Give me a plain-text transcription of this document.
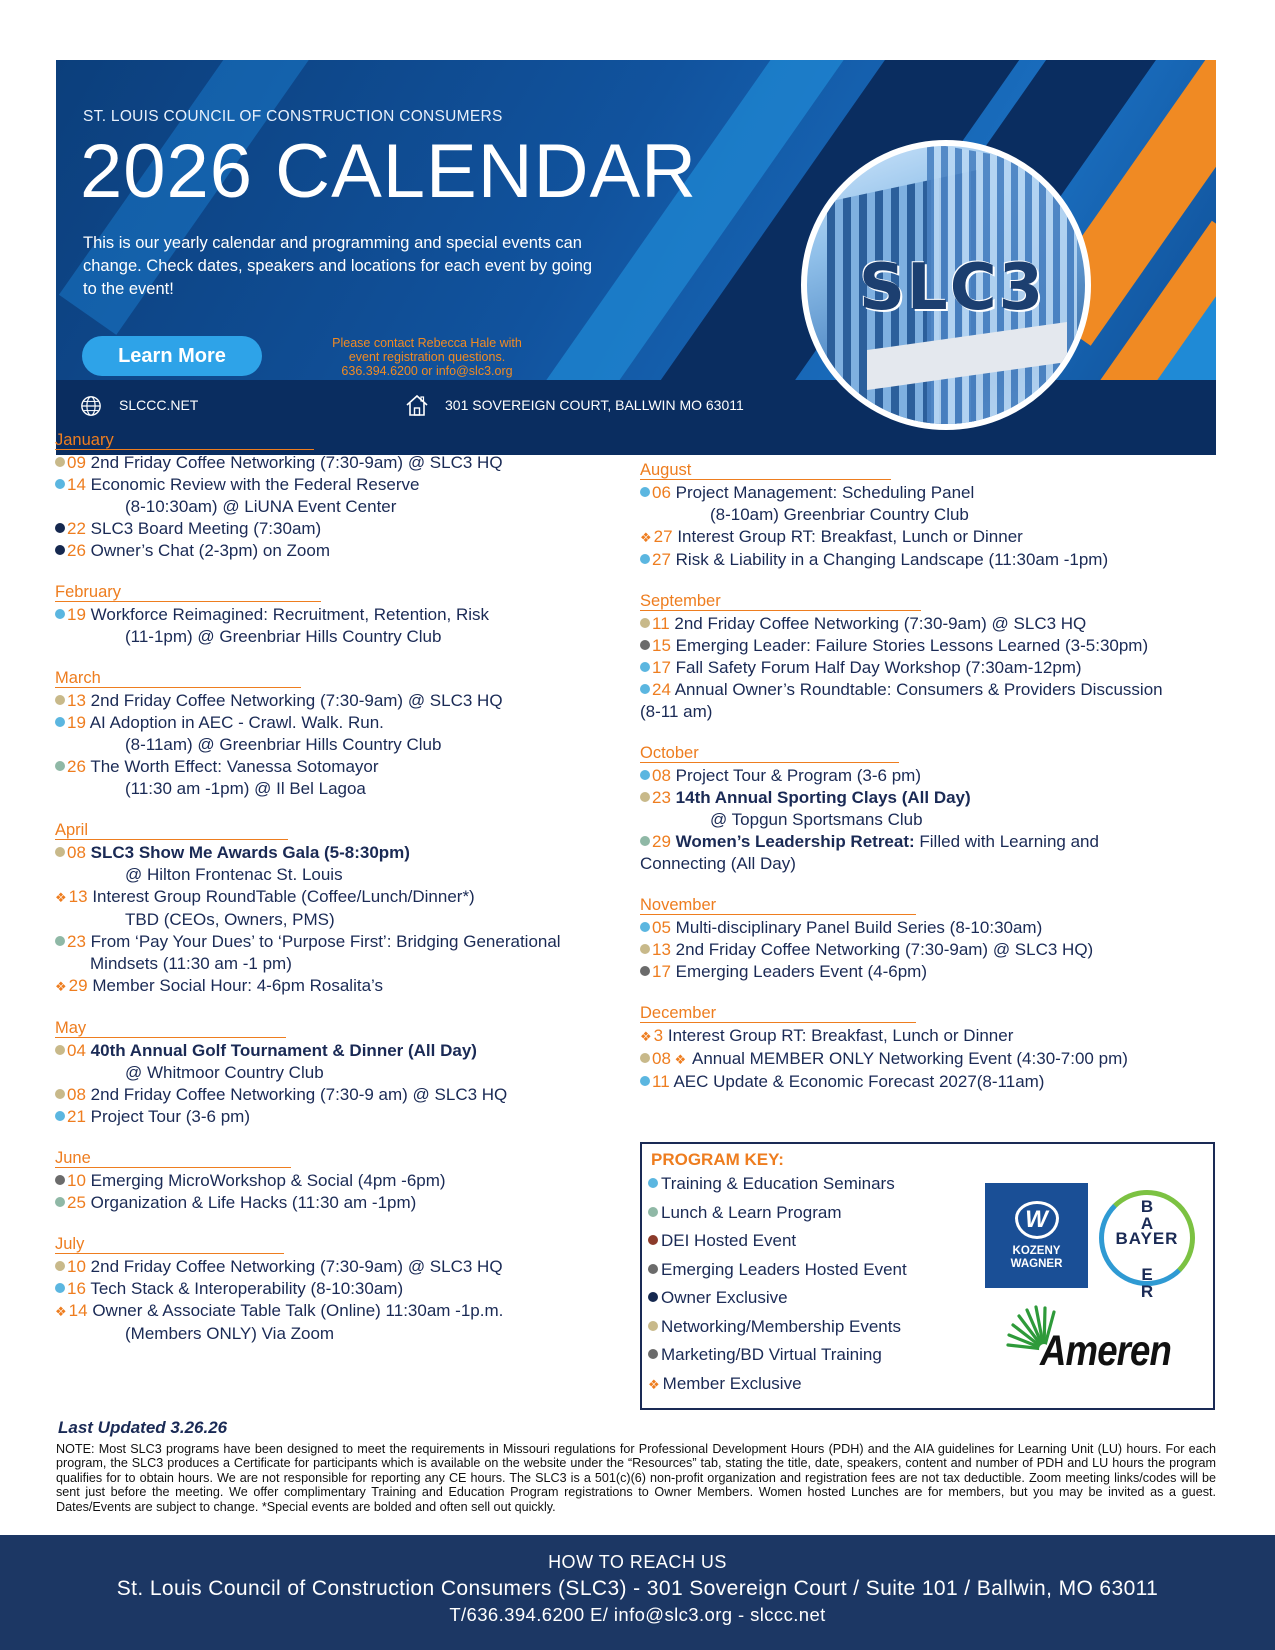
ST. LOUIS COUNCIL OF CONSTRUCTION CONSUMERS
2026 CALENDAR
This is our yearly calendar and programming and special events can change. Check dates, speakers and locations for each event by going to the event!
Learn More
Please contact Rebecca Hale with
event registration questions.
636.394.6200 or info@slc3.org
SLCCC.NET	301 SOVEREIGN COURT, BALLWIN MO 63011
SLC3
January
09 2nd Friday Coffee Networking (7:30-9am) @ SLC3 HQ
14 Economic Review with the Federal Reserve
(8-10:30am) @ LiUNA Event Center
22 SLC3 Board Meeting (7:30am)
26 Owner’s Chat (2-3pm) on Zoom
February
19 Workforce Reimagined: Recruitment, Retention, Risk
(11-1pm) @ Greenbriar Hills Country Club
March
13 2nd Friday Coffee Networking (7:30-9am) @ SLC3 HQ
19 AI Adoption in AEC - Crawl. Walk. Run.
(8-11am) @ Greenbriar Hills Country Club
26 The Worth Effect: Vanessa Sotomayor
(11:30 am -1pm) @ Il Bel Lagoa
April
08 SLC3 Show Me Awards Gala (5-8:30pm)
@ Hilton Frontenac St. Louis
❖ 13 Interest Group RoundTable (Coffee/Lunch/Dinner*)
TBD (CEOs, Owners, PMS)
23 From ‘Pay Your Dues’ to ‘Purpose First’: Bridging Generational
Mindsets (11:30 am -1 pm)
❖ 29 Member Social Hour: 4-6pm Rosalita’s
May
04 40th Annual Golf Tournament & Dinner (All Day)
@ Whitmoor Country Club
08 2nd Friday Coffee Networking (7:30-9 am) @ SLC3 HQ
21 Project Tour (3-6 pm)
June
10 Emerging MicroWorkshop & Social (4pm -6pm)
25 Organization & Life Hacks (11:30 am -1pm)
July
10 2nd Friday Coffee Networking (7:30-9am) @ SLC3 HQ
16 Tech Stack & Interoperability (8-10:30am)
❖ 14 Owner & Associate Table Talk (Online) 11:30am -1p.m.
(Members ONLY) Via Zoom
August
06 Project Management: Scheduling Panel
(8-10am) Greenbriar Country Club
❖ 27 Interest Group RT: Breakfast, Lunch or Dinner
27 Risk & Liability in a Changing Landscape (11:30am -1pm)
September
11 2nd Friday Coffee Networking (7:30-9am) @ SLC3 HQ
15 Emerging Leader: Failure Stories Lessons Learned (3-5:30pm)
17 Fall Safety Forum Half Day Workshop (7:30am-12pm)
24 Annual Owner’s Roundtable: Consumers & Providers Discussion
(8-11 am)
October
08 Project Tour & Program (3-6 pm)
23 14th Annual Sporting Clays (All Day)
@ Topgun Sportsmans Club
29 Women’s Leadership Retreat: Filled with Learning and
Connecting (All Day)
November
05 Multi-disciplinary Panel Build Series (8-10:30am)
13 2nd Friday Coffee Networking (7:30-9am) @ SLC3 HQ)
17 Emerging Leaders Event (4-6pm)
December
❖ 3 Interest Group RT: Breakfast, Lunch or Dinner
08 ❖ Annual MEMBER ONLY Networking Event (4:30-7:00 pm)
11 AEC Update & Economic Forecast 2027(8-11am)
PROGRAM KEY:
Training & Education Seminars
Lunch & Learn Program
DEI Hosted Event
Emerging Leaders Hosted Event
Owner Exclusive
Networking/Membership Events
Marketing/BD Virtual Training
❖ Member Exclusive
W
KOZENY
WAGNER
B
A

E
R
BAYER
Ameren
Last Updated 3.26.26
NOTE: Most SLC3 programs have been designed to meet the requirements in Missouri regulations for Professional Development Hours (PDH) and the AIA guidelines for Learning Unit (LU) hours. For each program, the SLC3 produces a Certificate for participants which is available on the website under the “Resources” tab, stating the title, date, speakers, content and number of PDH and LU hours the program qualifies for to obtain hours. We are not responsible for reporting any CE hours. The SLC3 is a 501(c)(6) non-profit organization and registration fees are not tax deductible. Zoom meeting links/codes will be sent just before the meeting. We offer complimentary Training and Education Program registrations to Owner Members. Women hosted Lunches are for members, but you may be invited as a guest. Dates/Events are subject to change. *Special events are bolded and often sell out quickly.
HOW TO REACH US
St. Louis Council of Construction Consumers (SLC3) - 301 Sovereign Court / Suite 101 / Ballwin, MO 63011
T/636.394.6200 E/ info@slc3.org - slccc.net
